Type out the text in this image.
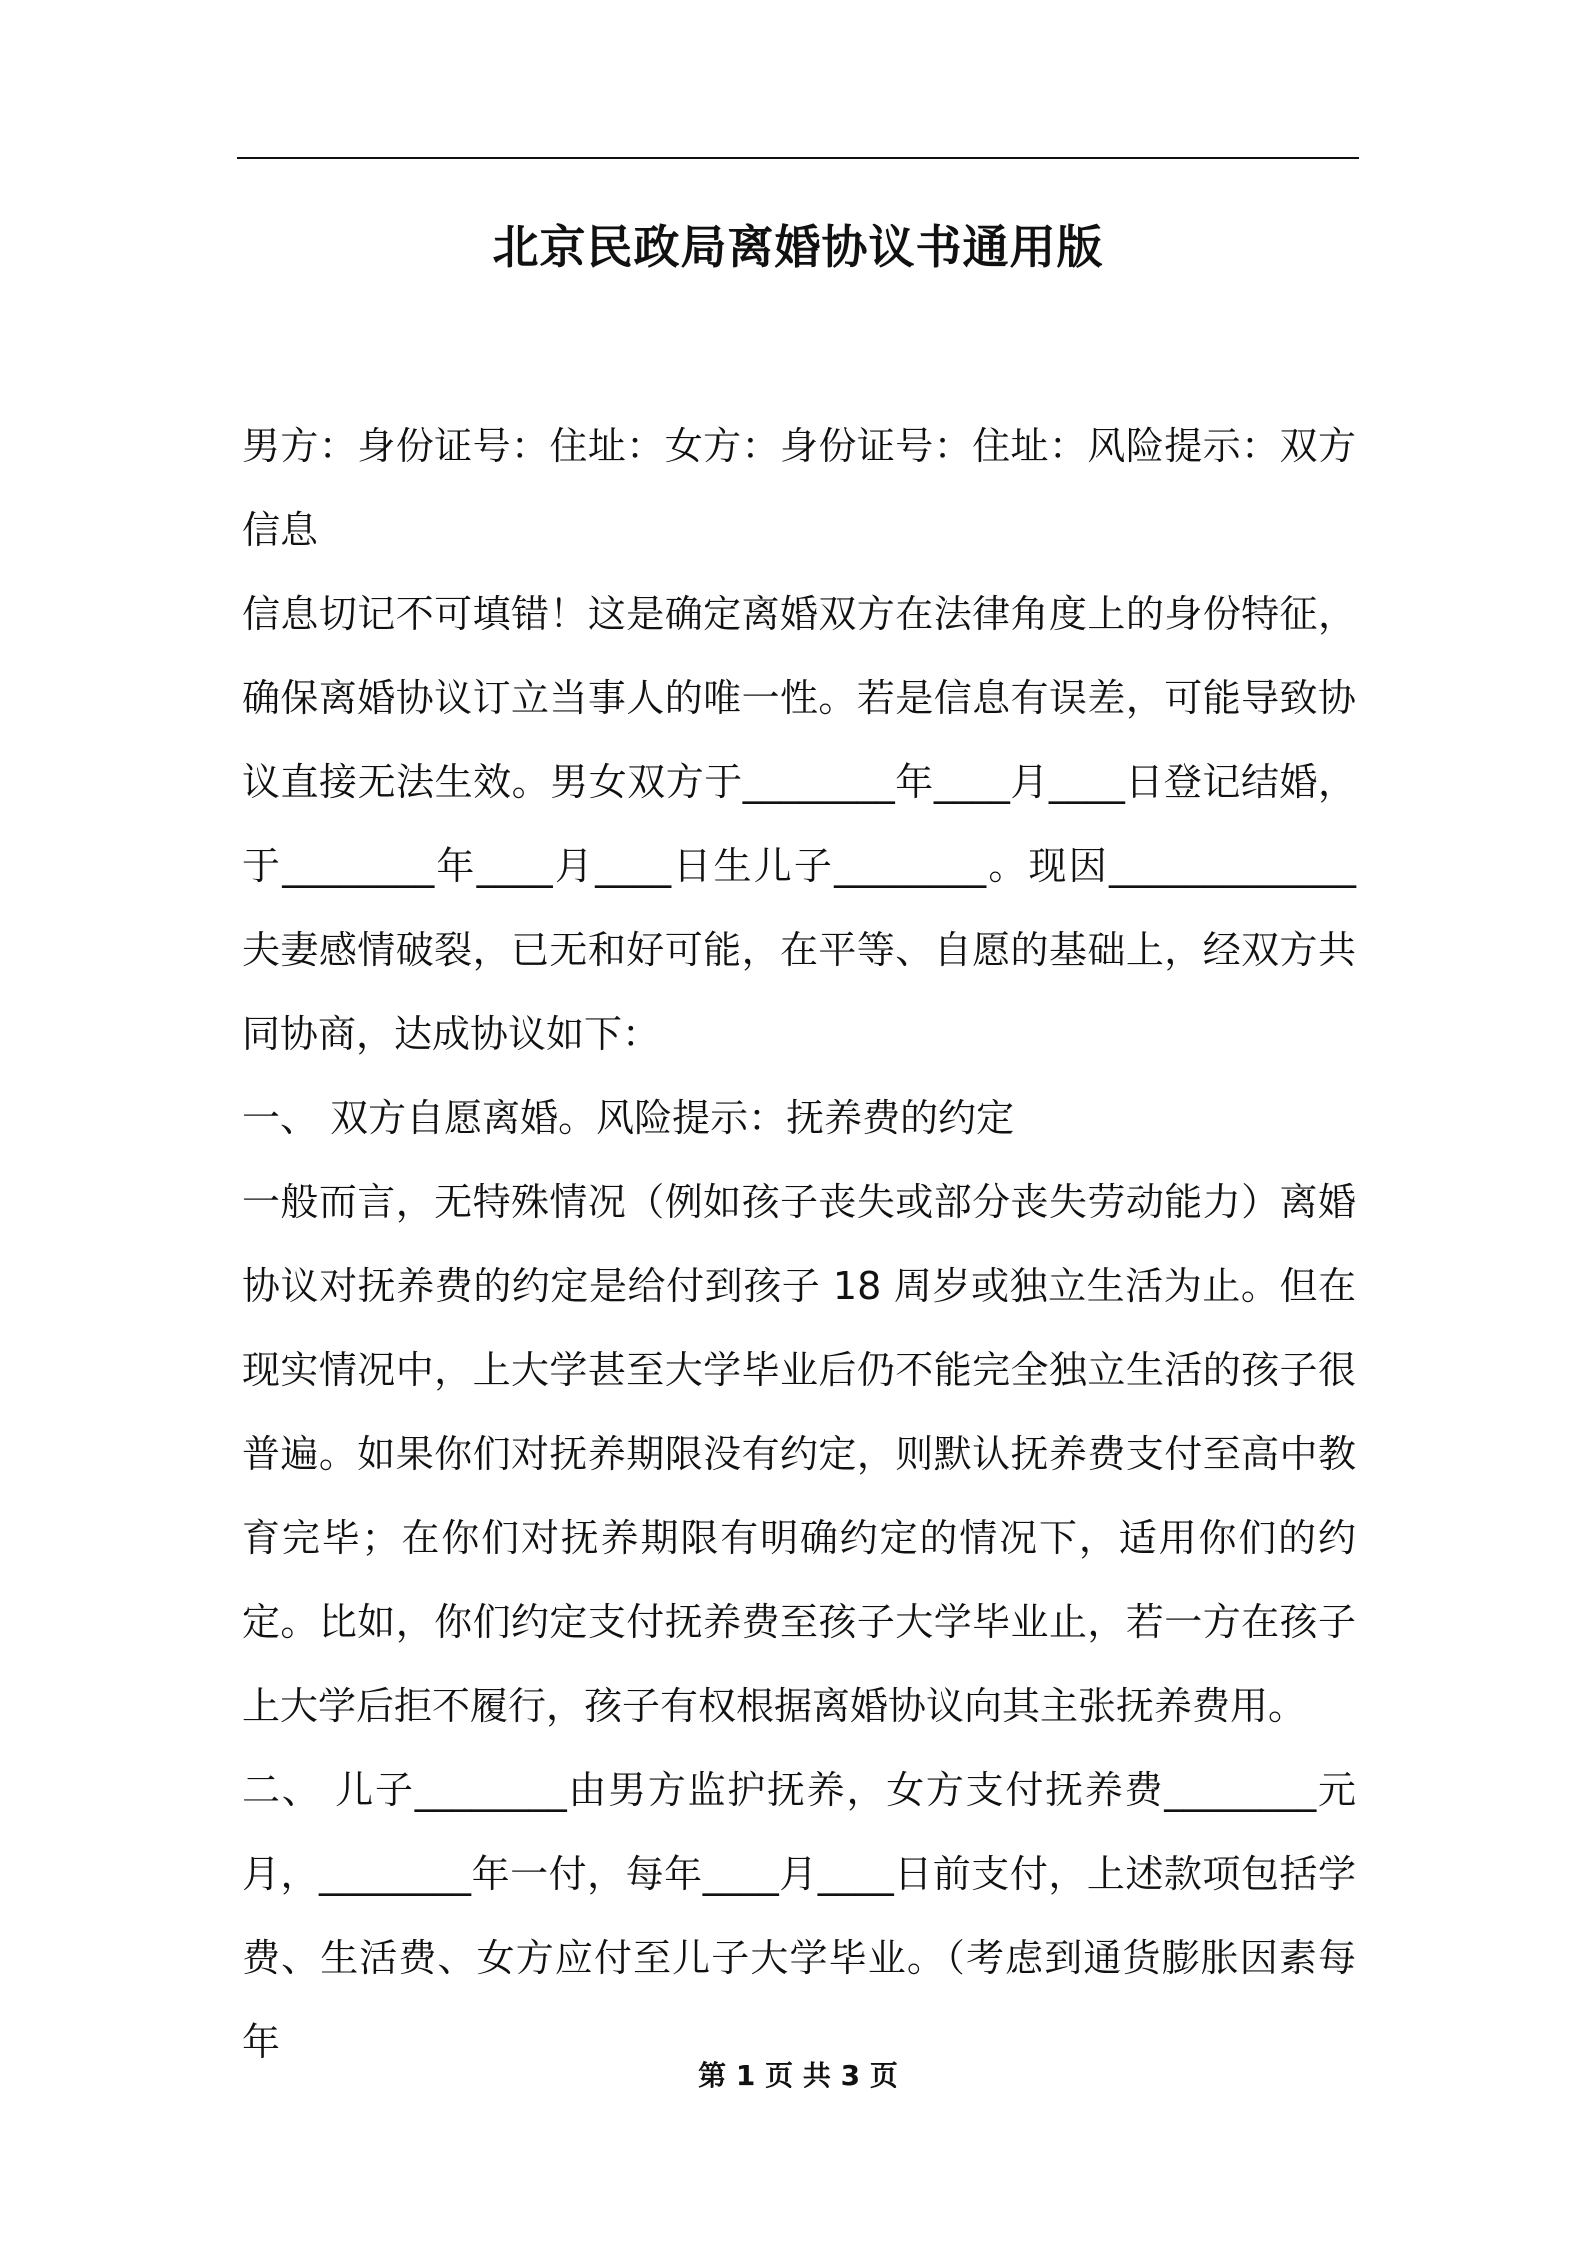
北京民政局离婚协议书通用版

男方：身份证号：住址：女方：身份证号：住址：风险提示：双方信息

信息切记不可填错！这是确定离婚双方在法律角度上的身份特征，确保离婚协议订立当事人的唯一性。若是信息有误差，可能导致协议直接无法生效。男女双方于________年____月____日登记结婚，于________年____月____日生儿子________。现因_____________夫妻感情破裂，已无和好可能，在平等、自愿的基础上，经双方共同协商，达成协议如下：

一、 双方自愿离婚。风险提示：抚养费的约定

一般而言，无特殊情况（例如孩子丧失或部分丧失劳动能力）离婚协议对抚养费的约定是给付到孩子 18 周岁或独立生活为止。但在现实情况中，上大学甚至大学毕业后仍不能完全独立生活的孩子很普遍。如果你们对抚养期限没有约定，则默认抚养费支付至高中教育完毕；在你们对抚养期限有明确约定的情况下，适用你们的约定。比如，你们约定支付抚养费至孩子大学毕业止，若一方在孩子上大学后拒不履行，孩子有权根据离婚协议向其主张抚养费用。

二、 儿子________由男方监护抚养，女方支付抚养费________元月，________年一付，每年____月____日前支付，上述款项包括学费、生活费、女方应付至儿子大学毕业。（考虑到通货膨胀因素每年

第 1 页 共 3 页
